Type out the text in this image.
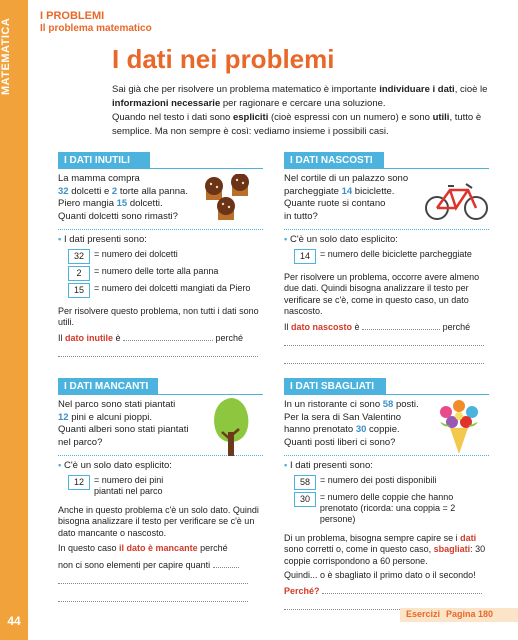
MATEMATICA
44
I PROBLEMI
Il problema matematico
I dati nei problemi
Sai già che per risolvere un problema matematico è importante individuare i dati, cioè le informazioni necessarie per ragionare e cercare una soluzione.
Quando nel testo i dati sono espliciti (cioè espressi con un numero) e sono utili, tutto è semplice. Ma non sempre è così: vediamo insieme i possibili casi.
I DATI INUTILI
La mamma compra
32 dolcetti e 2 torte alla panna.
Piero mangia 15 dolcetti.
Quanti dolcetti sono rimasti?
• I dati presenti sono:
32	= numero dei dolcetti
2	= numero delle torte alla panna
15	= numero dei dolcetti mangiati da Piero
Per risolvere questo problema, non tutti i dati sono utili.
Il dato inutile è	perché
I DATI NASCOSTI
Nel cortile di un palazzo sono
parcheggiate 14 biciclette.
Quante ruote si contano
in tutto?
• C'è un solo dato esplicito:
14	= numero delle biciclette parcheggiate
Per risolvere un problema, occorre avere almeno due dati. Quindi bisogna analizzare il testo per verificare se c'è, come in questo caso, un dato nascosto.
Il dato nascosto è	perché

I DATI MANCANTI
Nel parco sono stati piantati
12 pini e alcuni pioppi.
Quanti alberi sono stati piantati
nel parco?
• C'è un solo dato esplicito:
12	= numero dei pini piantati nel parco
Anche in questo problema c'è un solo dato. Quindi bisogna analizzare il testo per verificare se c'è un dato mancante o nascosto.
In questo caso il dato è mancante perché
non ci sono elementi per capire quanti

I DATI SBAGLIATI
In un ristorante ci sono 58 posti.
Per la sera di San Valentino
hanno prenotato 30 coppie.
Quanti posti liberi ci sono?
• I dati presenti sono:
58	= numero dei posti disponibili
30	= numero delle coppie che hanno prenotato (ricorda: una coppia = 2 persone)
Di un problema, bisogna sempre capire se i dati sono corretti o, come in questo caso, sbagliati: 30 coppie corrispondono a 60 persone.
Quindi... o è sbagliato il primo dato o il secondo!
Perché?
Esercizi Pagina 180
